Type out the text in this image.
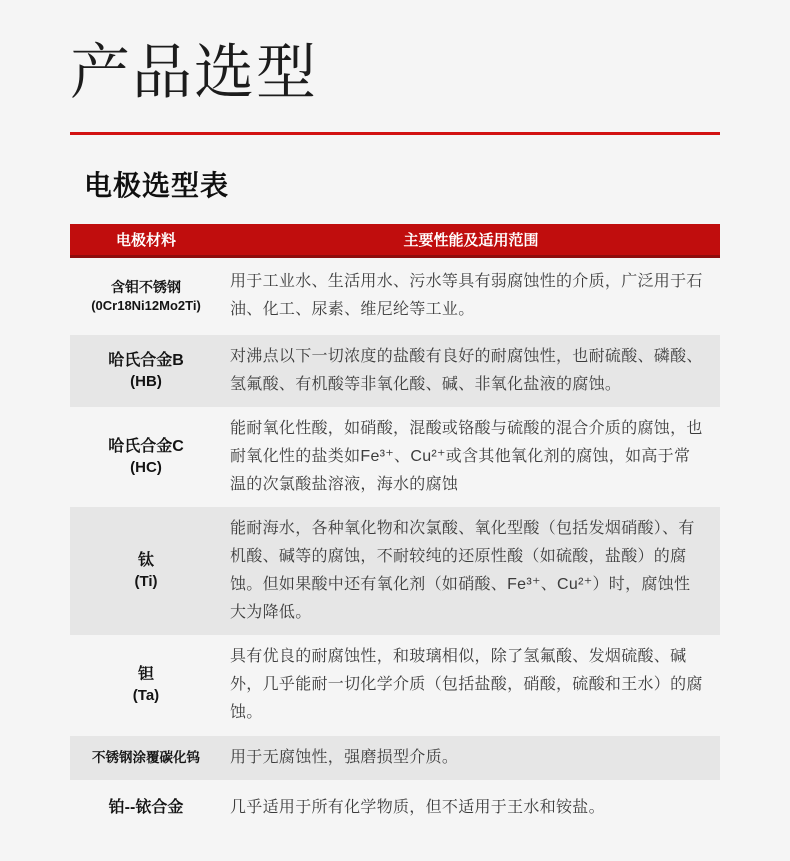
产品选型
电极选型表
电极材料	主要性能及适用范围
含钼不锈钢
(0Cr18Ni12Mo2Ti)
用于工业水、生活用水、污水等具有弱腐蚀性的介质，广泛用于石油、化工、尿素、维尼纶等工业。
哈氏合金B
(HB)
对沸点以下一切浓度的盐酸有良好的耐腐蚀性，也耐硫酸、磷酸、氢氟酸、有机酸等非氧化酸、碱、非氧化盐液的腐蚀。
哈氏合金C
(HC)
能耐氧化性酸，如硝酸，混酸或铬酸与硫酸的混合介质的腐蚀，也耐氧化性的盐类如Fe³⁺、Cu²⁺或含其他氧化剂的腐蚀，如高于常温的次氯酸盐溶液，海水的腐蚀
钛
(Ti)
能耐海水，各种氧化物和次氯酸、氧化型酸（包括发烟硝酸）、有机酸、碱等的腐蚀，不耐较纯的还原性酸（如硫酸，盐酸）的腐蚀。但如果酸中还有氧化剂（如硝酸、Fe³⁺、Cu²⁺）时，腐蚀性大为降低。
钽
(Ta)
具有优良的耐腐蚀性，和玻璃相似，除了氢氟酸、发烟硫酸、碱外，几乎能耐一切化学介质（包括盐酸，硝酸，硫酸和王水）的腐蚀。
不锈钢涂覆碳化钨 用于无腐蚀性，强磨损型介质。
铂--铱合金	几乎适用于所有化学物质，但不适用于王水和铵盐。
